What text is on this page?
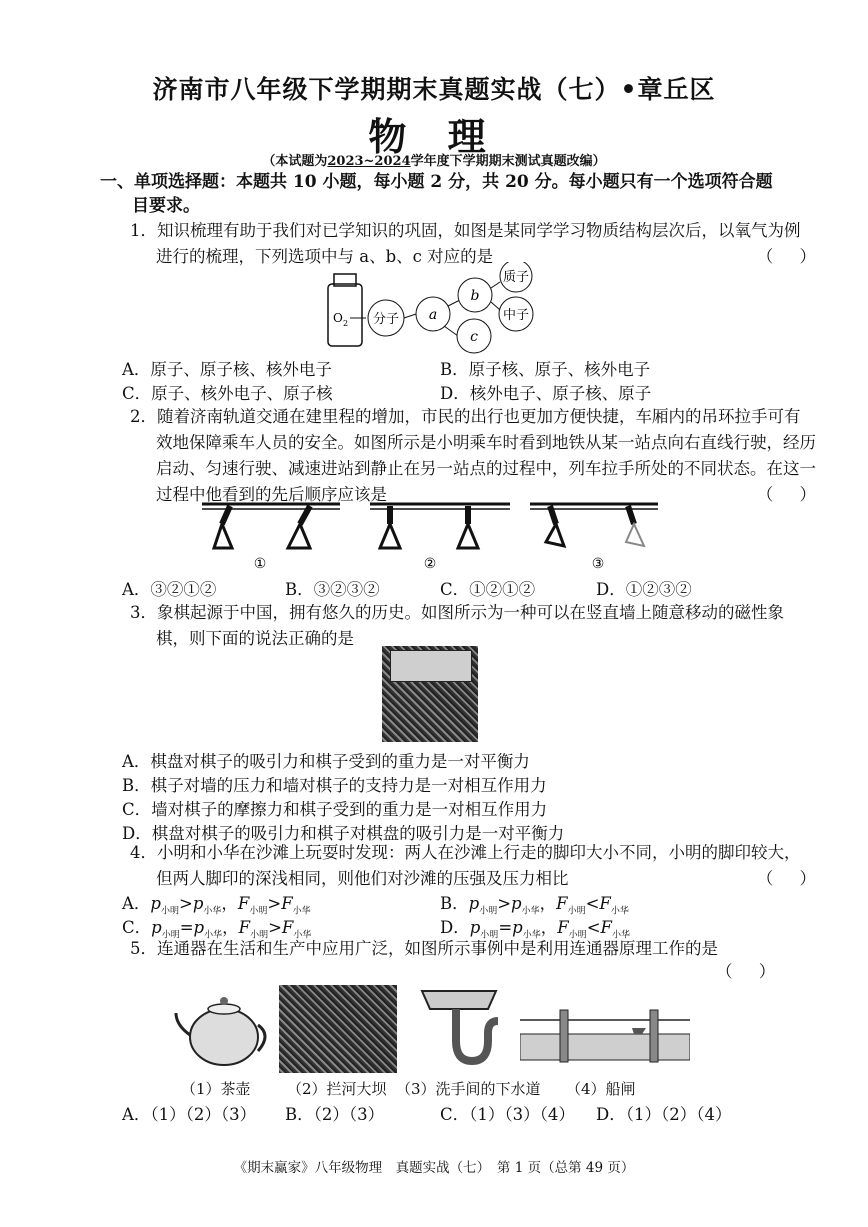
济南市八年级下学期期末真题实战（七）•章丘区
物 理
（本试题为2023~2024学年度下学期期末测试真题改编）
一、单项选择题：本题共 10 小题，每小题 2 分，共 20 分。每小题只有一个选项符合题
目要求。
1．知识梳理有助于我们对已学知识的巩固，如图是某同学学习物质结构层次后，以氧气为例进行的梳理，下列选项中与 a、b、c 对应的是	（     ）
O 2 分子 a
b
c
质子
中子
A．原子、原子核、核外电子	B．原子核、原子、核外电子
C．原子、核外电子、原子核	D．核外电子、原子核、原子
2．随着济南轨道交通在建里程的增加，市民的出行也更加方便快捷，车厢内的吊环拉手可有效地保障乘车人员的安全。如图所示是小明乘车时看到地铁从某一站点向右直线行驶，经历启动、匀速行驶、减速进站到静止在另一站点的过程中，列车拉手所处的不同状态。在这一过程中他看到的先后顺序应该是	（     ）
①	②	③
A．③②①②	B．③②③②	C．①②①②	D．①②③②
3．象棋起源于中国，拥有悠久的历史。如图所示为一种可以在竖直墙上随意移动的磁性象棋，则下面的说法正确的是
A．棋盘对棋子的吸引力和棋子受到的重力是一对平衡力
B．棋子对墙的压力和墙对棋子的支持力是一对相互作用力
C．墙对棋子的摩擦力和棋子受到的重力是一对相互作用力
D．棋盘对棋子的吸引力和棋子对棋盘的吸引力是一对平衡力
4．小明和小华在沙滩上玩耍时发现：两人在沙滩上行走的脚印大小不同，小明的脚印较大，但两人脚印的深浅相同，则他们对沙滩的压强及压力相比	（     ）
A．$p_{小明}>p_{小华}$，$F_{小明}>F_{小华}$	B．$p_{小明}>p_{小华}$，$F_{小明}<F_{小华}$
C．$p_{小明}=p_{小华}$，$F_{小明}>F_{小华}$	D．$p_{小明}=p_{小华}$，$F_{小明}<F_{小华}$
5．连通器在生活和生产中应用广泛，如图所示事例中是利用连通器原理工作的是
（     ）
（1）茶壶 （2）拦河大坝 （3）洗手间的下水道 （4）船闸
A．（1）（2）（3） B．（2）（3）	C．（1）（3）（4） D．（1）（2）（4）
《期末赢家》八年级物理　真题实战（七）　第 1 页（总第 49 页）
